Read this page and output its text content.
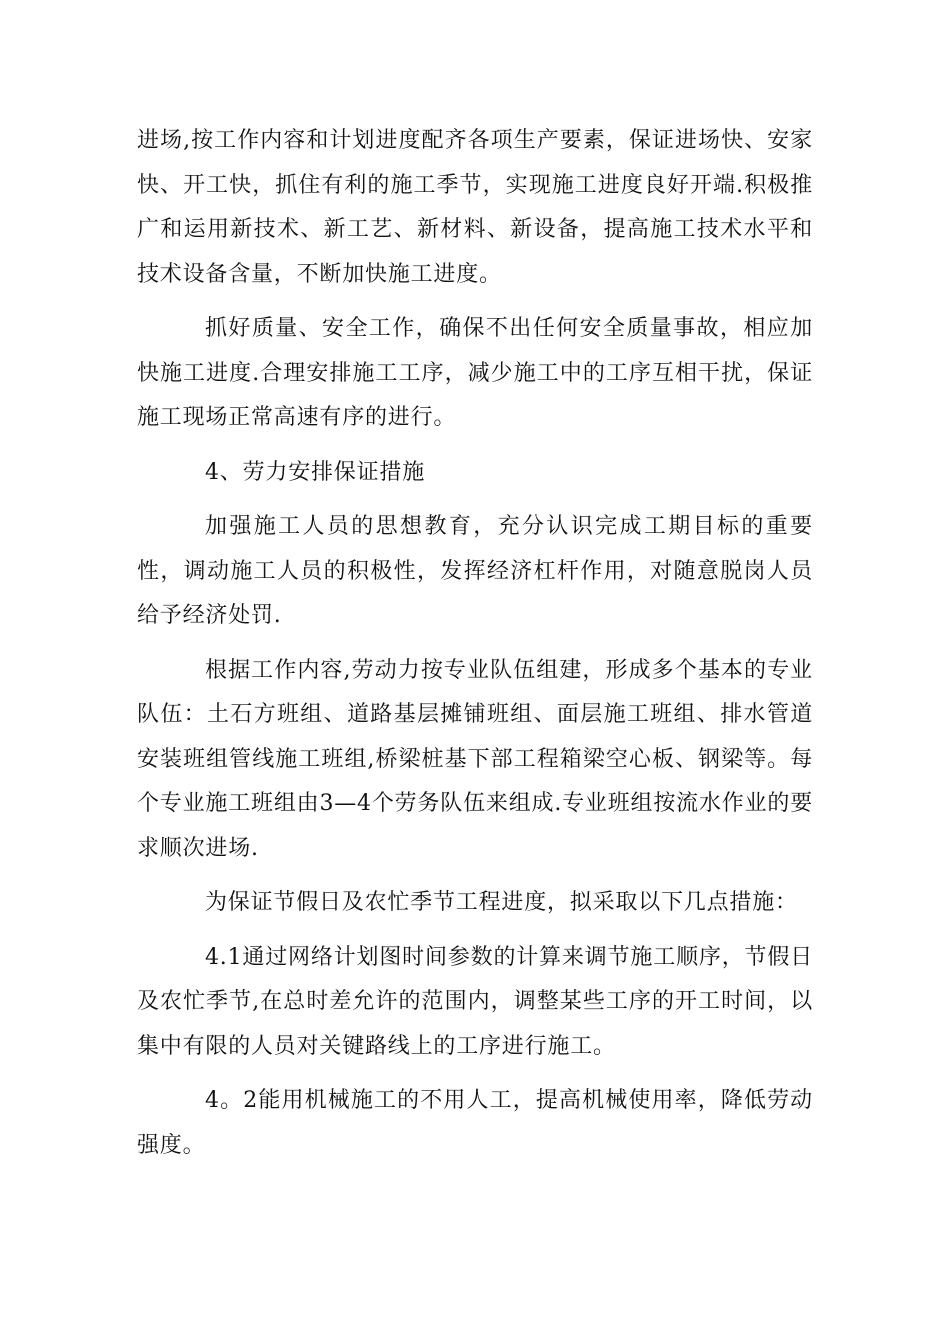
进场,按工作内容和计划进度配齐各项生产要素，保证进场快、安家快、开工快，抓住有利的施工季节，实现施工进度良好开端.积极推广和运用新技术、新工艺、新材料、新设备，提高施工技术水平和技术设备含量，不断加快施工进度。

抓好质量、安全工作，确保不出任何安全质量事故，相应加快施工进度.合理安排施工工序，减少施工中的工序互相干扰，保证施工现场正常高速有序的进行。

4、劳力安排保证措施

加强施工人员的思想教育，充分认识完成工期目标的重要性，调动施工人员的积极性，发挥经济杠杆作用，对随意脱岗人员给予经济处罚.

根据工作内容,劳动力按专业队伍组建，形成多个基本的专业队伍：土石方班组、道路基层摊铺班组、面层施工班组、排水管道安装班组管线施工班组,桥梁桩基下部工程箱梁空心板、钢梁等。每个专业施工班组由3—4个劳务队伍来组成.专业班组按流水作业的要求顺次进场.

为保证节假日及农忙季节工程进度，拟采取以下几点措施：

4.1通过网络计划图时间参数的计算来调节施工顺序，节假日及农忙季节,在总时差允许的范围内，调整某些工序的开工时间，以集中有限的人员对关键路线上的工序进行施工。

4。2能用机械施工的不用人工，提高机械使用率，降低劳动强度。
